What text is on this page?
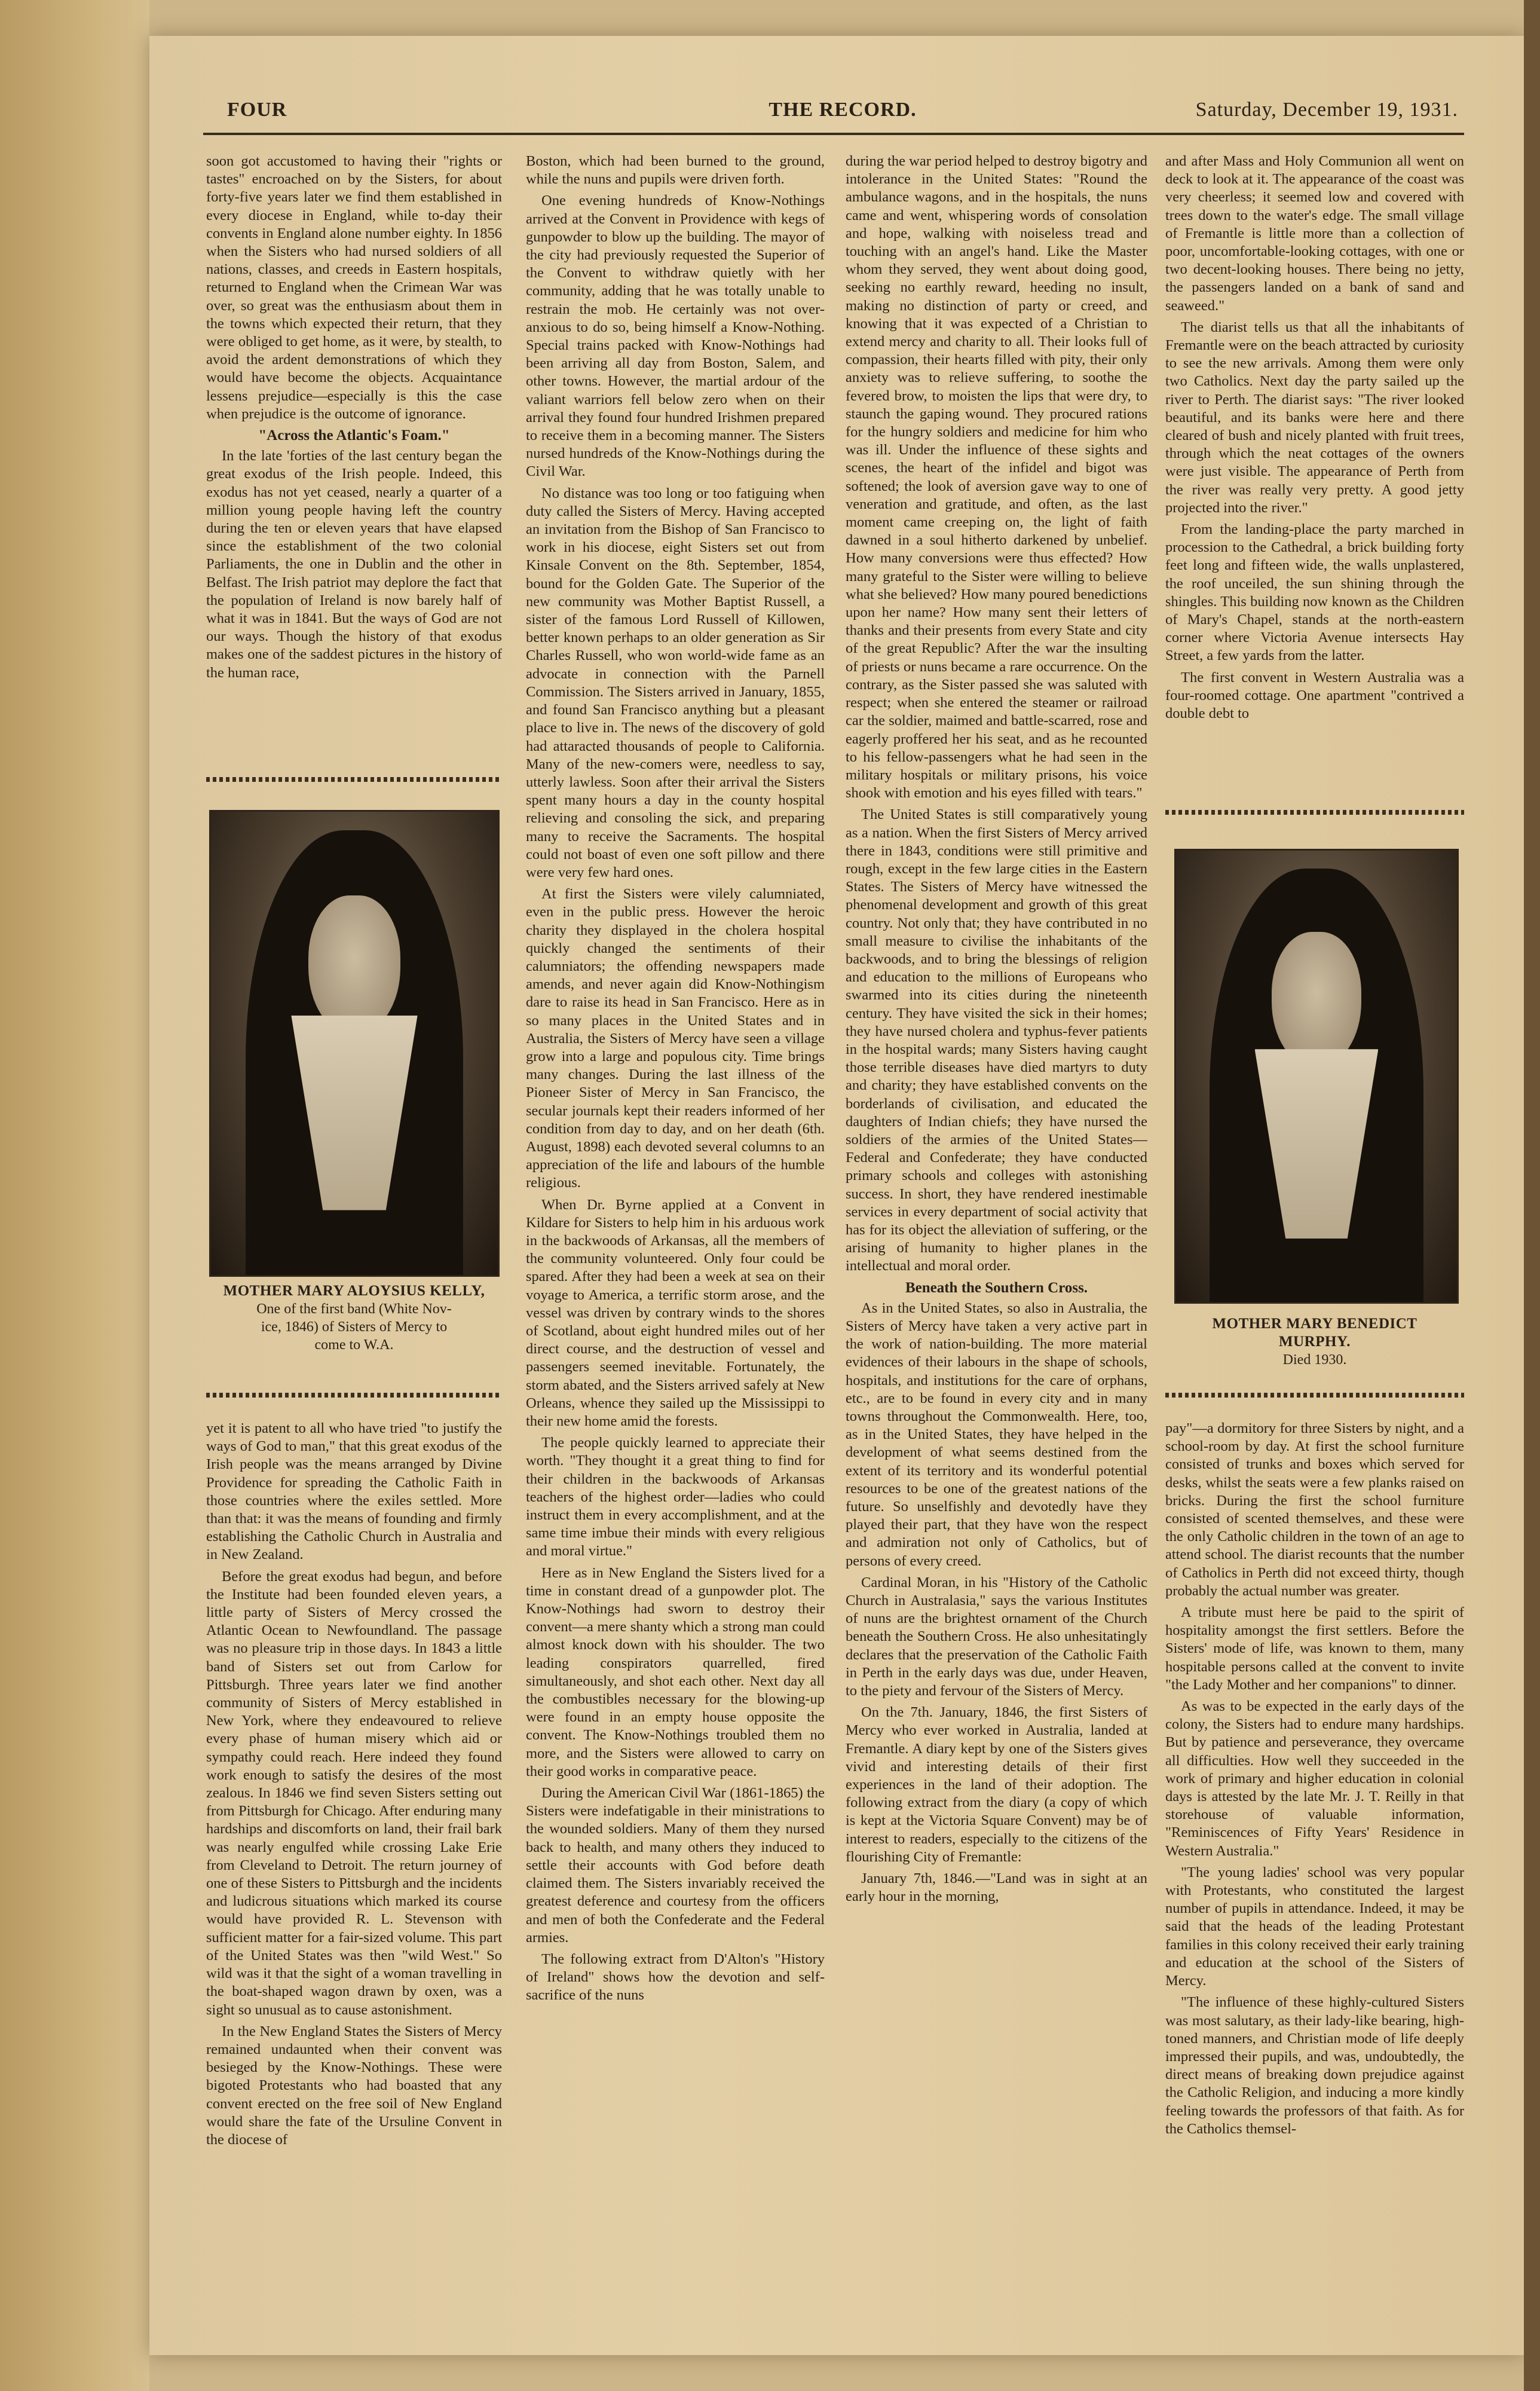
FOUR	THE RECORD.	Saturday, December 19, 1931.

soon got accustomed to having their "rights or tastes" encroached on by the Sisters, for about forty-five years later we find them established in every diocese in England, while to-day their convents in England alone number eighty. In 1856 when the Sisters who had nursed soldiers of all nations, classes, and creeds in Eastern hospitals, returned to England when the Crimean War was over, so great was the enthusiasm about them in the towns which expected their return, that they were obliged to get home, as it were, by stealth, to avoid the ardent demonstrations of which they would have become the objects. Acquaintance lessens prejudice—especially is this the case when prejudice is the outcome of ignorance.

"Across the Atlantic's Foam."

In the late 'forties of the last century began the great exodus of the Irish people. Indeed, this exodus has not yet ceased, nearly a quarter of a million young people having left the country during the ten or eleven years that have elapsed since the establishment of the two colonial Parliaments, the one in Dublin and the other in Belfast. The Irish patriot may deplore the fact that the population of Ireland is now barely half of what it was in 1841. But the ways of God are not our ways. Though the history of that exodus makes one of the saddest pictures in the history of the human race,

MOTHER MARY ALOYSIUS KELLY,
One of the first band (White Nov-
ice, 1846) of Sisters of Mercy to
come to W.A.

yet it is patent to all who have tried "to justify the ways of God to man," that this great exodus of the Irish people was the means arranged by Divine Providence for spreading the Catholic Faith in those countries where the exiles settled. More than that: it was the means of founding and firmly establishing the Catholic Church in Australia and in New Zealand.

Before the great exodus had begun, and before the Institute had been founded eleven years, a little party of Sisters of Mercy crossed the Atlantic Ocean to Newfoundland. The passage was no pleasure trip in those days. In 1843 a little band of Sisters set out from Carlow for Pittsburgh. Three years later we find another community of Sisters of Mercy established in New York, where they endeavoured to relieve every phase of human misery which aid or sympathy could reach. Here indeed they found work enough to satisfy the desires of the most zealous. In 1846 we find seven Sisters setting out from Pittsburgh for Chicago. After enduring many hardships and discomforts on land, their frail bark was nearly engulfed while crossing Lake Erie from Cleveland to Detroit. The return journey of one of these Sisters to Pittsburgh and the incidents and ludicrous situations which marked its course would have provided R. L. Stevenson with sufficient matter for a fair-sized volume. This part of the United States was then "wild West." So wild was it that the sight of a woman travelling in the boat-shaped wagon drawn by oxen, was a sight so unusual as to cause astonishment.

In the New England States the Sisters of Mercy remained undaunted when their convent was besieged by the Know-Nothings. These were bigoted Protestants who had boasted that any convent erected on the free soil of New England would share the fate of the Ursuline Convent in the diocese of

Boston, which had been burned to the ground, while the nuns and pupils were driven forth.

One evening hundreds of Know-Nothings arrived at the Convent in Providence with kegs of gunpowder to blow up the building. The mayor of the city had previously requested the Superior of the Convent to withdraw quietly with her community, adding that he was totally unable to restrain the mob. He certainly was not over-anxious to do so, being himself a Know-Nothing. Special trains packed with Know-Nothings had been arriving all day from Boston, Salem, and other towns. However, the martial ardour of the valiant warriors fell below zero when on their arrival they found four hundred Irishmen prepared to receive them in a becoming manner. The Sisters nursed hundreds of the Know-Nothings during the Civil War.

No distance was too long or too fatiguing when duty called the Sisters of Mercy. Having accepted an invitation from the Bishop of San Francisco to work in his diocese, eight Sisters set out from Kinsale Convent on the 8th. September, 1854, bound for the Golden Gate. The Superior of the new community was Mother Baptist Russell, a sister of the famous Lord Russell of Killowen, better known perhaps to an older generation as Sir Charles Russell, who won world-wide fame as an advocate in connection with the Parnell Commission. The Sisters arrived in January, 1855, and found San Francisco anything but a pleasant place to live in. The news of the discovery of gold had attaracted thousands of people to California. Many of the new-comers were, needless to say, utterly lawless. Soon after their arrival the Sisters spent many hours a day in the county hospital relieving and consoling the sick, and preparing many to receive the Sacraments. The hospital could not boast of even one soft pillow and there were very few hard ones.

At first the Sisters were vilely calumniated, even in the public press. However the heroic charity they displayed in the cholera hospital quickly changed the sentiments of their calumniators; the offending newspapers made amends, and never again did Know-Nothingism dare to raise its head in San Francisco. Here as in so many places in the United States and in Australia, the Sisters of Mercy have seen a village grow into a large and populous city. Time brings many changes. During the last illness of the Pioneer Sister of Mercy in San Francisco, the secular journals kept their readers informed of her condition from day to day, and on her death (6th. August, 1898) each devoted several columns to an appreciation of the life and labours of the humble religious.

When Dr. Byrne applied at a Convent in Kildare for Sisters to help him in his arduous work in the backwoods of Arkansas, all the members of the community volunteered. Only four could be spared. After they had been a week at sea on their voyage to America, a terrific storm arose, and the vessel was driven by contrary winds to the shores of Scotland, about eight hundred miles out of her direct course, and the destruction of vessel and passengers seemed inevitable. Fortunately, the storm abated, and the Sisters arrived safely at New Orleans, whence they sailed up the Mississippi to their new home amid the forests.

The people quickly learned to appreciate their worth. "They thought it a great thing to find for their children in the backwoods of Arkansas teachers of the highest order—ladies who could instruct them in every accomplishment, and at the same time imbue their minds with every religious and moral virtue."

Here as in New England the Sisters lived for a time in constant dread of a gunpowder plot. The Know-Nothings had sworn to destroy their convent—a mere shanty which a strong man could almost knock down with his shoulder. The two leading conspirators quarrelled, fired simultaneously, and shot each other. Next day all the combustibles necessary for the blowing-up were found in an empty house opposite the convent. The Know-Nothings troubled them no more, and the Sisters were allowed to carry on their good works in comparative peace.

During the American Civil War (1861-1865) the Sisters were indefatigable in their ministrations to the wounded soldiers. Many of them they nursed back to health, and many others they induced to settle their accounts with God before death claimed them. The Sisters invariably received the greatest deference and courtesy from the officers and men of both the Confederate and the Federal armies.

The following extract from D'Alton's "History of Ireland" shows how the devotion and self-sacrifice of the nuns

during the war period helped to destroy bigotry and intolerance in the United States: "Round the ambulance wagons, and in the hospitals, the nuns came and went, whispering words of consolation and hope, walking with noiseless tread and touching with an angel's hand. Like the Master whom they served, they went about doing good, seeking no earthly reward, heeding no insult, making no distinction of party or creed, and knowing that it was expected of a Christian to extend mercy and charity to all. Their looks full of compassion, their hearts filled with pity, their only anxiety was to relieve suffering, to soothe the fevered brow, to moisten the lips that were dry, to staunch the gaping wound. They procured rations for the hungry soldiers and medicine for him who was ill. Under the influence of these sights and scenes, the heart of the infidel and bigot was softened; the look of aversion gave way to one of veneration and gratitude, and often, as the last moment came creeping on, the light of faith dawned in a soul hitherto darkened by unbelief. How many conversions were thus effected? How many grateful to the Sister were willing to believe what she believed? How many poured benedictions upon her name? How many sent their letters of thanks and their presents from every State and city of the great Republic? After the war the insulting of priests or nuns became a rare occurrence. On the contrary, as the Sister passed she was saluted with respect; when she entered the steamer or railroad car the soldier, maimed and battle-scarred, rose and eagerly proffered her his seat, and as he recounted to his fellow-passengers what he had seen in the military hospitals or military prisons, his voice shook with emotion and his eyes filled with tears."

The United States is still comparatively young as a nation. When the first Sisters of Mercy arrived there in 1843, conditions were still primitive and rough, except in the few large cities in the Eastern States. The Sisters of Mercy have witnessed the phenomenal development and growth of this great country. Not only that; they have contributed in no small measure to civilise the inhabitants of the backwoods, and to bring the blessings of religion and education to the millions of Europeans who swarmed into its cities during the nineteenth century. They have visited the sick in their homes; they have nursed cholera and typhus-fever patients in the hospital wards; many Sisters having caught those terrible diseases have died martyrs to duty and charity; they have established convents on the borderlands of civilisation, and educated the daughters of Indian chiefs; they have nursed the soldiers of the armies of the United States—Federal and Confederate; they have conducted primary schools and colleges with astonishing success. In short, they have rendered inestimable services in every department of social activity that has for its object the alleviation of suffering, or the arising of humanity to higher planes in the intellectual and moral order.

Beneath the Southern Cross.

As in the United States, so also in Australia, the Sisters of Mercy have taken a very active part in the work of nation-building. The more material evidences of their labours in the shape of schools, hospitals, and institutions for the care of orphans, etc., are to be found in every city and in many towns throughout the Commonwealth. Here, too, as in the United States, they have helped in the development of what seems destined from the extent of its territory and its wonderful potential resources to be one of the greatest nations of the future. So unselfishly and devotedly have they played their part, that they have won the respect and admiration not only of Catholics, but of persons of every creed.

Cardinal Moran, in his "History of the Catholic Church in Australasia," says the various Institutes of nuns are the brightest ornament of the Church beneath the Southern Cross. He also unhesitatingly declares that the preservation of the Catholic Faith in Perth in the early days was due, under Heaven, to the piety and fervour of the Sisters of Mercy.

On the 7th. January, 1846, the first Sisters of Mercy who ever worked in Australia, landed at Fremantle. A diary kept by one of the Sisters gives vivid and interesting details of their first experiences in the land of their adoption. The following extract from the diary (a copy of which is kept at the Victoria Square Convent) may be of interest to readers, especially to the citizens of the flourishing City of Fremantle:

January 7th, 1846.—"Land was in sight at an early hour in the morning,

and after Mass and Holy Communion all went on deck to look at it. The appearance of the coast was very cheerless; it seemed low and covered with trees down to the water's edge. The small village of Fremantle is little more than a collection of poor, uncomfortable-looking cottages, with one or two decent-looking houses. There being no jetty, the passengers landed on a bank of sand and seaweed."

The diarist tells us that all the inhabitants of Fremantle were on the beach attracted by curiosity to see the new arrivals. Among them were only two Catholics. Next day the party sailed up the river to Perth. The diarist says: "The river looked beautiful, and its banks were here and there cleared of bush and nicely planted with fruit trees, through which the neat cottages of the owners were just visible. The appearance of Perth from the river was really very pretty. A good jetty projected into the river."

From the landing-place the party marched in procession to the Cathedral, a brick building forty feet long and fifteen wide, the walls unplastered, the roof unceiled, the sun shining through the shingles. This building now known as the Children of Mary's Chapel, stands at the north-eastern corner where Victoria Avenue intersects Hay Street, a few yards from the latter.

The first convent in Western Australia was a four-roomed cottage. One apartment "contrived a double debt to

MOTHER MARY BENEDICT
MURPHY.
Died 1930.

pay"—a dormitory for three Sisters by night, and a school-room by day. At first the school furniture consisted of trunks and boxes which served for desks, whilst the seats were a few planks raised on bricks. During the first the school furniture consisted of scented themselves, and these were the only Catholic children in the town of an age to attend school. The diarist recounts that the number of Catholics in Perth did not exceed thirty, though probably the actual number was greater.

A tribute must here be paid to the spirit of hospitality amongst the first settlers. Before the Sisters' mode of life, was known to them, many hospitable persons called at the convent to invite "the Lady Mother and her companions" to dinner.

As was to be expected in the early days of the colony, the Sisters had to endure many hardships. But by patience and perseverance, they overcame all difficulties. How well they succeeded in the work of primary and higher education in colonial days is attested by the late Mr. J. T. Reilly in that storehouse of valuable information, "Reminiscences of Fifty Years' Residence in Western Australia."

"The young ladies' school was very popular with Protestants, who constituted the largest number of pupils in attendance. Indeed, it may be said that the heads of the leading Protestant families in this colony received their early training and education at the school of the Sisters of Mercy.

"The influence of these highly-cultured Sisters was most salutary, as their lady-like bearing, high-toned manners, and Christian mode of life deeply impressed their pupils, and was, undoubtedly, the direct means of breaking down prejudice against the Catholic Religion, and inducing a more kindly feeling towards the professors of that faith. As for the Catholics themsel-
